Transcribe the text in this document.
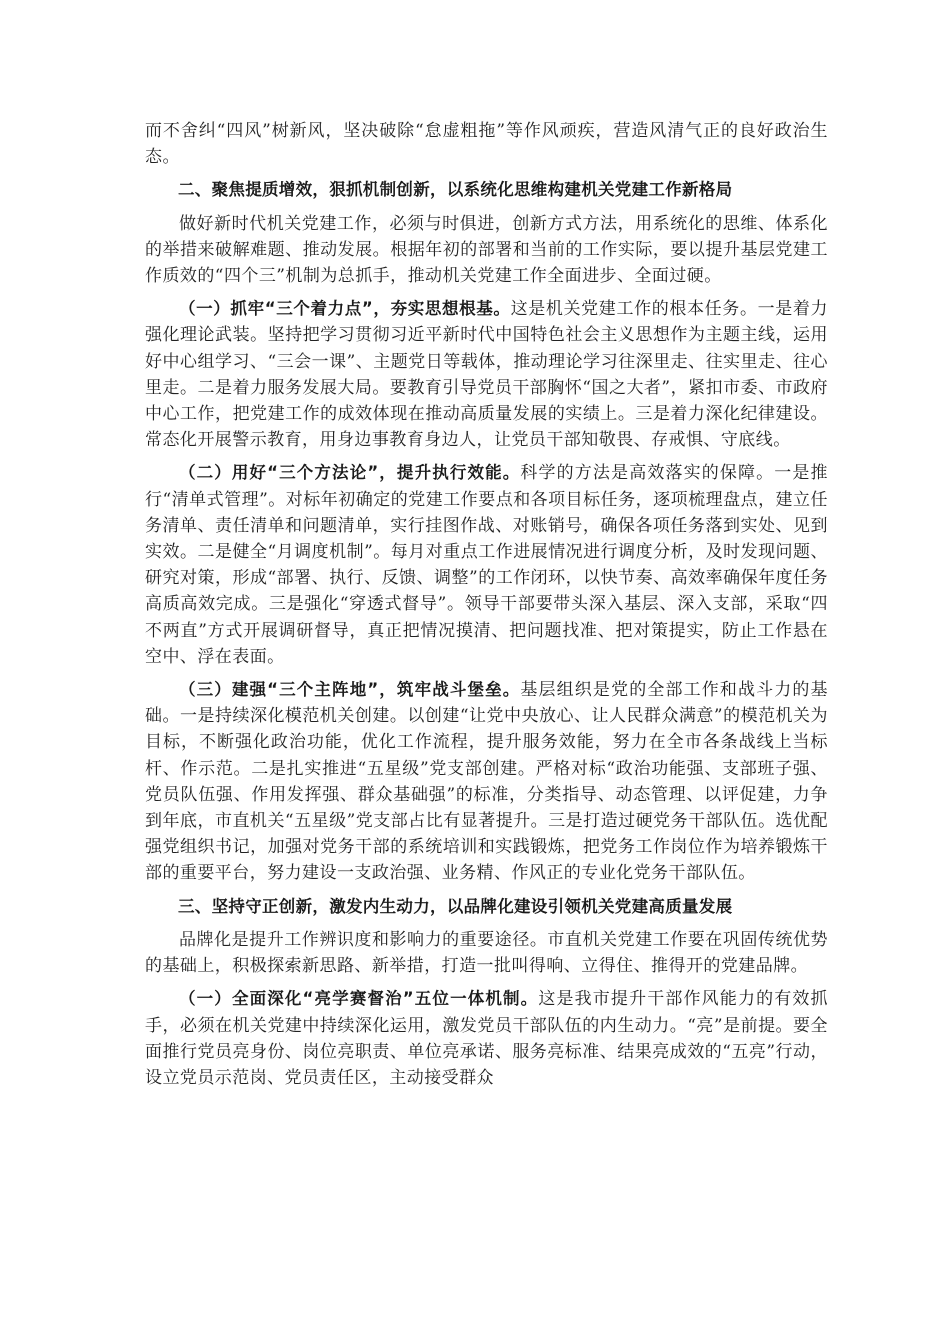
而不舍纠“四风”树新风，坚决破除“怠虚粗拖”等作风顽疾，营造风清气正的良好政治生态。

二、聚焦提质增效，狠抓机制创新，以系统化思维构建机关党建工作新格局

做好新时代机关党建工作，必须与时俱进，创新方式方法，用系统化的思维、体系化的举措来破解难题、推动发展。根据年初的部署和当前的工作实际，要以提升基层党建工作质效的“四个三”机制为总抓手，推动机关党建工作全面进步、全面过硬。

（一）抓牢“三个着力点”，夯实思想根基。这是机关党建工作的根本任务。一是着力强化理论武装。坚持把学习贯彻习近平新时代中国特色社会主义思想作为主题主线，运用好中心组学习、“三会一课”、主题党日等载体，推动理论学习往深里走、往实里走、往心里走。二是着力服务发展大局。要教育引导党员干部胸怀“国之大者”，紧扣市委、市政府中心工作，把党建工作的成效体现在推动高质量发展的实绩上。三是着力深化纪律建设。常态化开展警示教育，用身边事教育身边人，让党员干部知敬畏、存戒惧、守底线。

（二）用好“三个方法论”，提升执行效能。科学的方法是高效落实的保障。一是推行“清单式管理”。对标年初确定的党建工作要点和各项目标任务，逐项梳理盘点，建立任务清单、责任清单和问题清单，实行挂图作战、对账销号，确保各项任务落到实处、见到实效。二是健全“月调度机制”。每月对重点工作进展情况进行调度分析，及时发现问题、研究对策，形成“部署、执行、反馈、调整”的工作闭环，以快节奏、高效率确保年度任务高质高效完成。三是强化“穿透式督导”。领导干部要带头深入基层、深入支部，采取“四不两直”方式开展调研督导，真正把情况摸清、把问题找准、把对策提实，防止工作悬在空中、浮在表面。

（三）建强“三个主阵地”，筑牢战斗堡垒。基层组织是党的全部工作和战斗力的基础。一是持续深化模范机关创建。以创建“让党中央放心、让人民群众满意”的模范机关为目标，不断强化政治功能，优化工作流程，提升服务效能，努力在全市各条战线上当标杆、作示范。二是扎实推进“五星级”党支部创建。严格对标“政治功能强、支部班子强、党员队伍强、作用发挥强、群众基础强”的标准，分类指导、动态管理、以评促建，力争到年底，市直机关“五星级”党支部占比有显著提升。三是打造过硬党务干部队伍。选优配强党组织书记，加强对党务干部的系统培训和实践锻炼，把党务工作岗位作为培养锻炼干部的重要平台，努力建设一支政治强、业务精、作风正的专业化党务干部队伍。

三、坚持守正创新，激发内生动力，以品牌化建设引领机关党建高质量发展

品牌化是提升工作辨识度和影响力的重要途径。市直机关党建工作要在巩固传统优势的基础上，积极探索新思路、新举措，打造一批叫得响、立得住、推得开的党建品牌。

（一）全面深化“亮学赛督治”五位一体机制。这是我市提升干部作风能力的有效抓手，必须在机关党建中持续深化运用，激发党员干部队伍的内生动力。“亮”是前提。要全面推行党员亮身份、岗位亮职责、单位亮承诺、服务亮标准、结果亮成效的“五亮”行动，设立党员示范岗、党员责任区，主动接受群众
